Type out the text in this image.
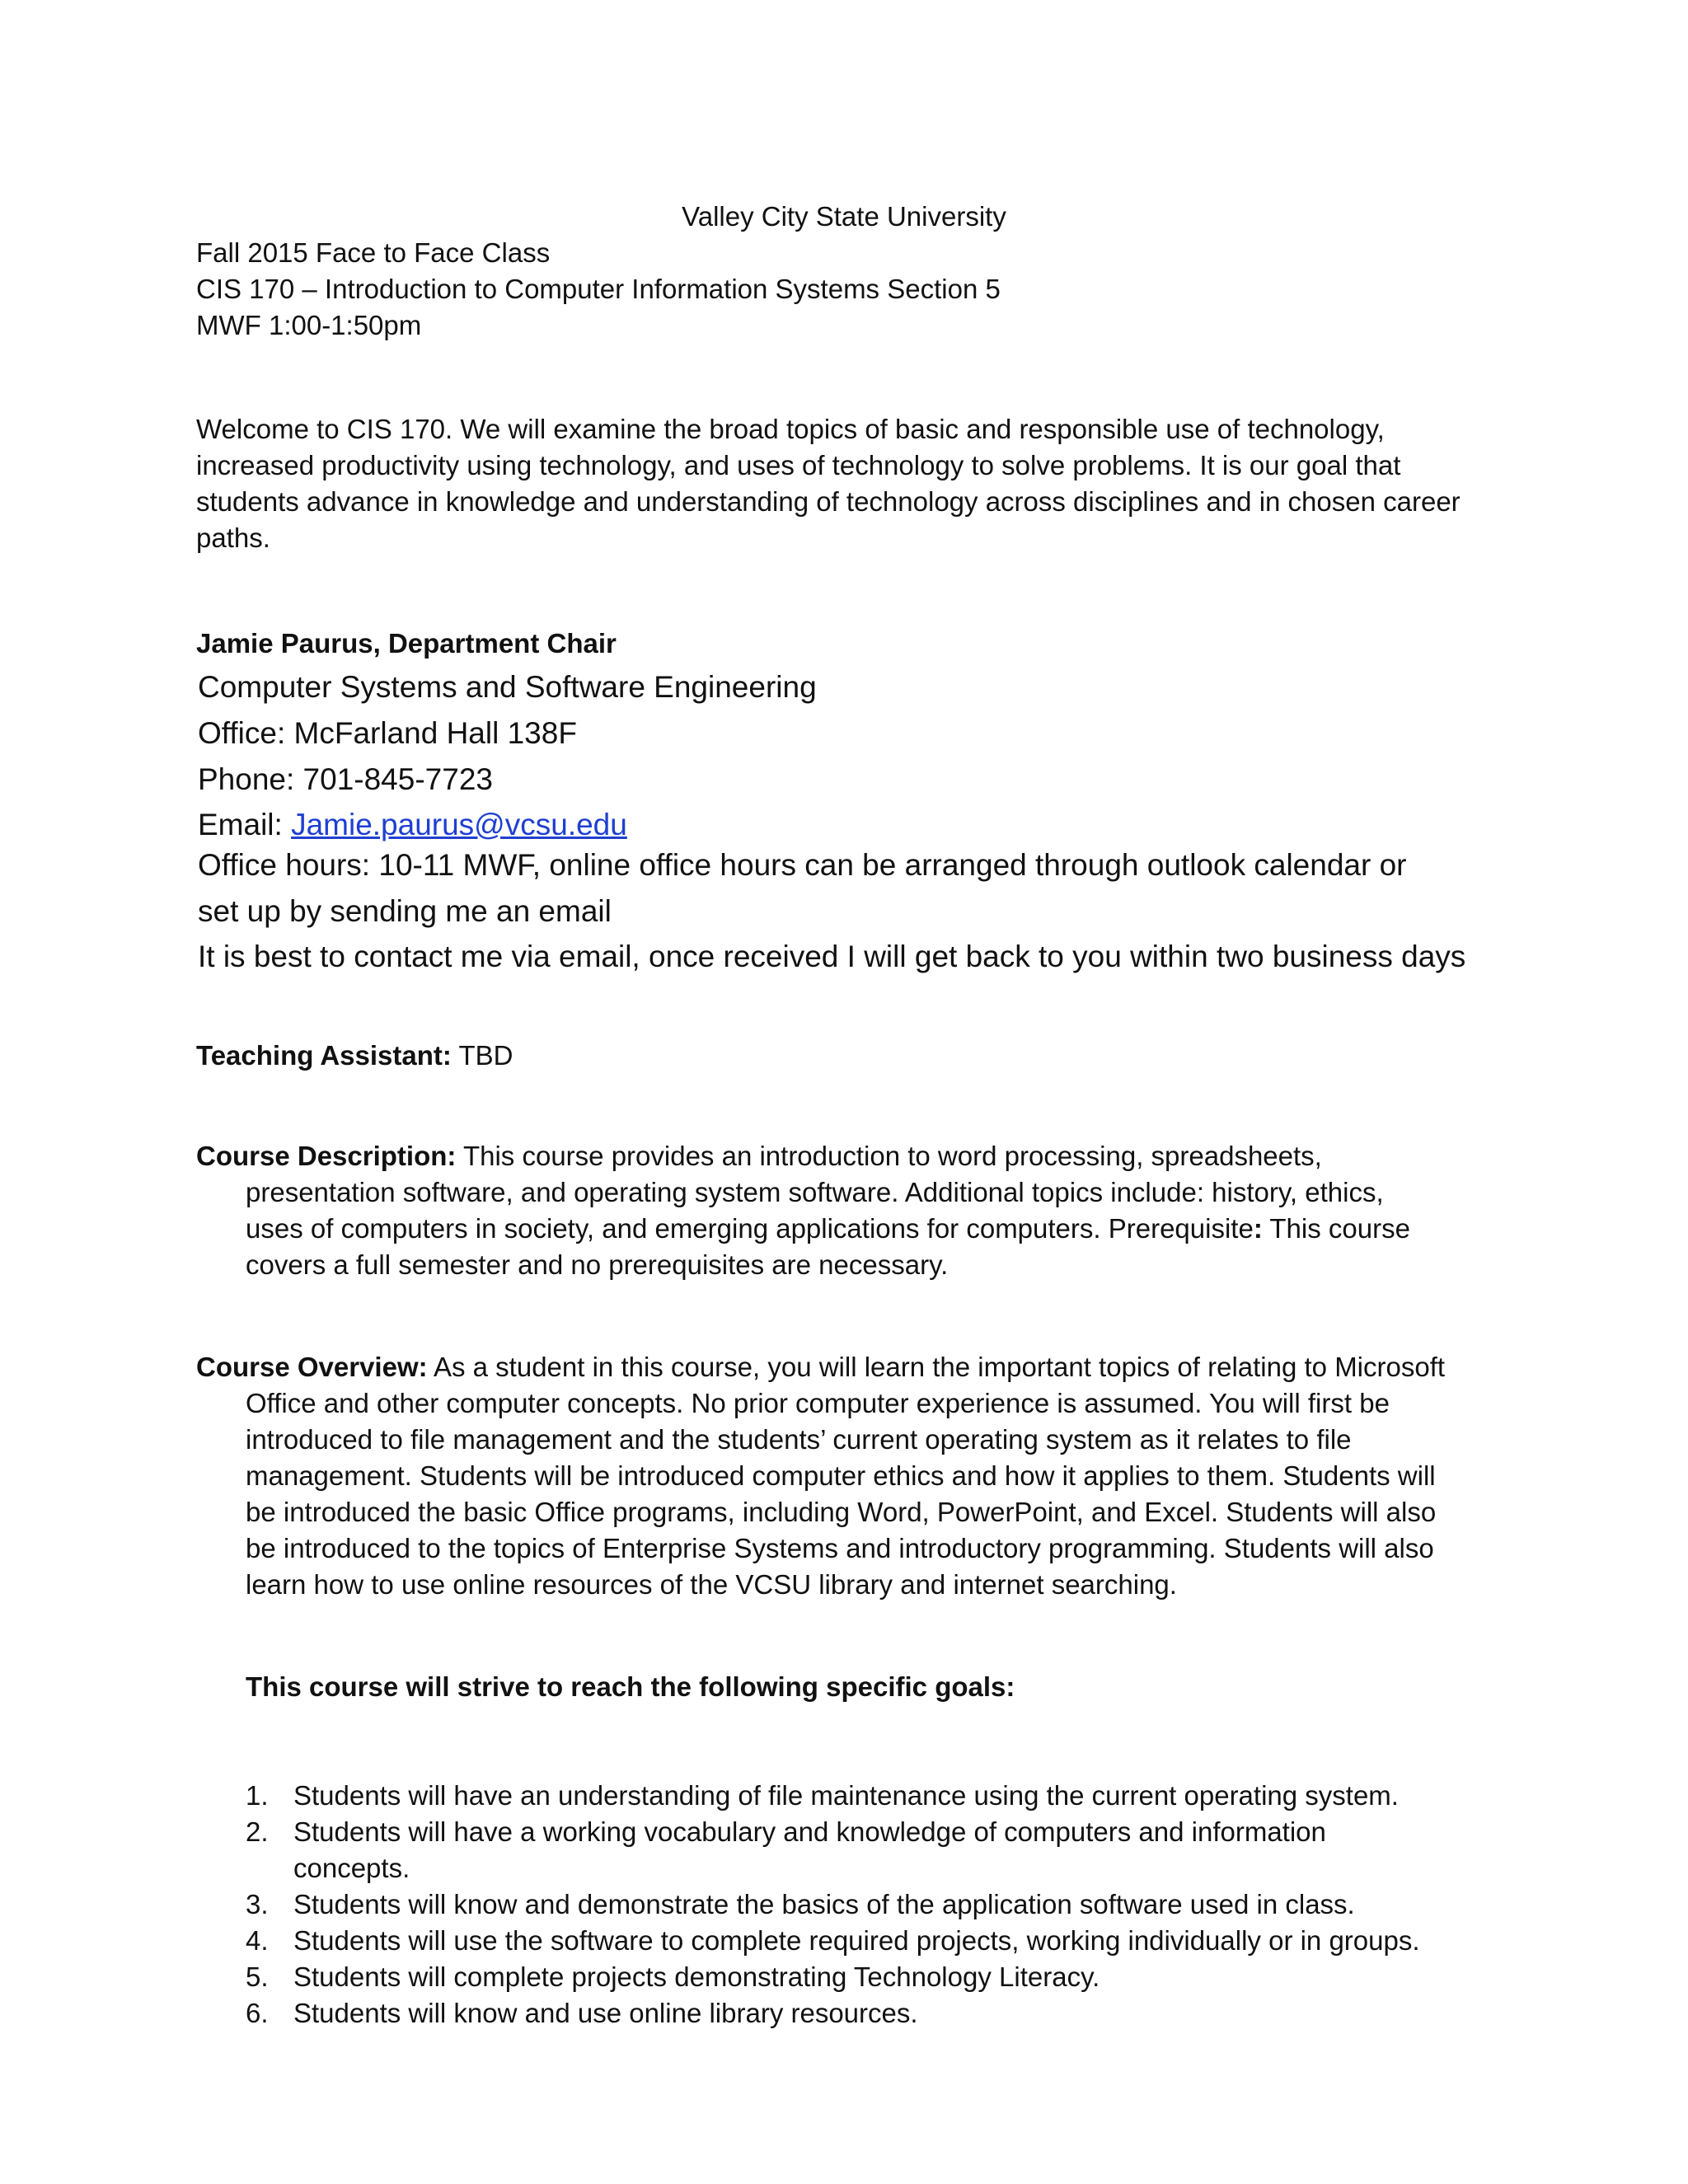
Valley City State University

Fall 2015 Face to Face Class

CIS 170 – Introduction to Computer Information Systems Section 5

MWF 1:00-1:50pm

Welcome to CIS 170. We will examine the broad topics of basic and responsible use of technology,

increased productivity using technology, and uses of technology to solve problems. It is our goal that

students advance in knowledge and understanding of technology across disciplines and in chosen career

paths.

Jamie Paurus, Department Chair

Computer Systems and Software Engineering

Office: McFarland Hall 138F

Phone: 701-845-7723

Email: Jamie.paurus@vcsu.edu

Office hours: 10-11 MWF, online office hours can be arranged through outlook calendar or

set up by sending me an email

It is best to contact me via email, once received I will get back to you within two business days

Teaching Assistant: TBD

Course Description: This course provides an introduction to word processing, spreadsheets,

presentation software, and operating system software. Additional topics include: history, ethics,

uses of computers in society, and emerging applications for computers. Prerequisite: This course

covers a full semester and no prerequisites are necessary.

Course Overview: As a student in this course, you will learn the important topics of relating to Microsoft

Office and other computer concepts. No prior computer experience is assumed. You will first be

introduced to file management and the students’ current operating system as it relates to file

management. Students will be introduced computer ethics and how it applies to them. Students will

be introduced the basic Office programs, including Word, PowerPoint, and Excel. Students will also

be introduced to the topics of Enterprise Systems and introductory programming. Students will also

learn how to use online resources of the VCSU library and internet searching.

This course will strive to reach the following specific goals:

1. Students will have an understanding of file maintenance using the current operating system.
2. Students will have a working vocabulary and knowledge of computers and information
concepts.
3. Students will know and demonstrate the basics of the application software used in class.
4. Students will use the software to complete required projects, working individually or in groups.
5. Students will complete projects demonstrating Technology Literacy.
6. Students will know and use online library resources.
